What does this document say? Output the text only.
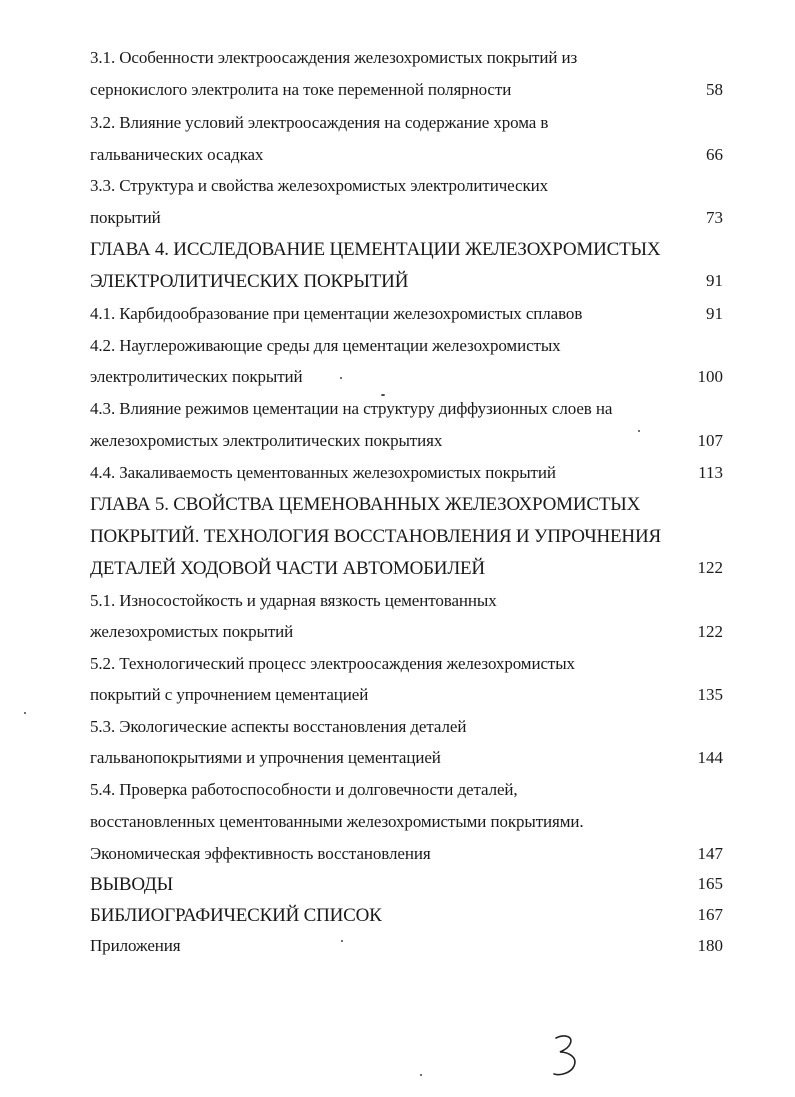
3.1. Особенности электроосаждения железохромистых покрытий из
сернокислого электролита на токе переменной полярности	58
3.2. Влияние условий электроосаждения на содержание хрома в
гальванических осадках	66
3.3. Структура и свойства железохромистых электролитических
покрытий	73
ГЛАВА 4. ИССЛЕДОВАНИЕ ЦЕМЕНТАЦИИ ЖЕЛЕЗОХРОМИСТЫХ
ЭЛЕКТРОЛИТИЧЕСКИХ ПОКРЫТИЙ	91
4.1. Карбидообразование при цементации железохромистых сплавов	91
4.2. Науглероживающие среды для цементации железохромистых
электролитических покрытий	100
4.3. Влияние режимов цементации на структуру диффузионных слоев на
железохромистых электролитических покрытиях	107
4.4. Закаливаемость цементованных железохромистых покрытий	113
ГЛАВА 5. СВОЙСТВА ЦЕМЕНОВАННЫХ ЖЕЛЕЗОХРОМИСТЫХ
ПОКРЫТИЙ. ТЕХНОЛОГИЯ ВОССТАНОВЛЕНИЯ И УПРОЧНЕНИЯ
ДЕТАЛЕЙ ХОДОВОЙ ЧАСТИ АВТОМОБИЛЕЙ	122
5.1. Износостойкость и ударная вязкость цементованных
железохромистых покрытий	122
5.2. Технологический процесс электроосаждения железохромистых
покрытий с упрочнением цементацией	135
5.3. Экологические аспекты восстановления деталей
гальванопокрытиями и упрочнения цементацией	144
5.4. Проверка работоспособности и долговечности деталей,
восстановленных цементованными железохромистыми покрытиями.
Экономическая эффективность восстановления	147
ВЫВОДЫ	165
БИБЛИОГРАФИЧЕСКИЙ СПИСОК	167
Приложения	180
